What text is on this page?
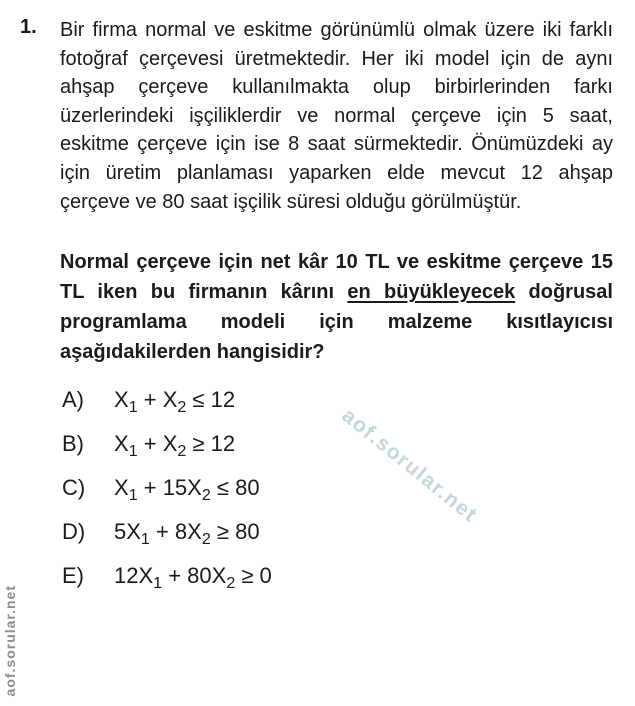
aof.sorular.net
aof.sorular.net
1. Bir firma normal ve eskitme görünümlü olmak üzere iki farklı fotoğraf çerçevesi üretmektedir. Her iki model için de aynı ahşap çerçeve kullanılmakta olup birbirlerinden farkı üzerlerindeki işçiliklerdir ve normal çerçeve için 5 saat, eskitme çerçeve için ise 8 saat sürmektedir. Önümüzdeki ay için üretim planlaması yaparken elde mevcut 12 ahşap çerçeve ve 80 saat işçilik süresi olduğu görülmüştür.

Normal çerçeve için net kâr 10 TL ve eskitme çerçeve 15 TL iken bu firmanın kârını en büyükleyecek doğrusal programlama modeli için malzeme kısıtlayıcısı aşağıdakilerden hangisidir?

A)	$X_1 + X_2 \le 12$
B)	$X_1 + X_2 \ge 12$
C)	$X_1 + 15X_2 \le 80$
D)	$5X_1 + 8X_2 \ge 80$
E)	$12X_1 + 80X_2 \ge 0$
